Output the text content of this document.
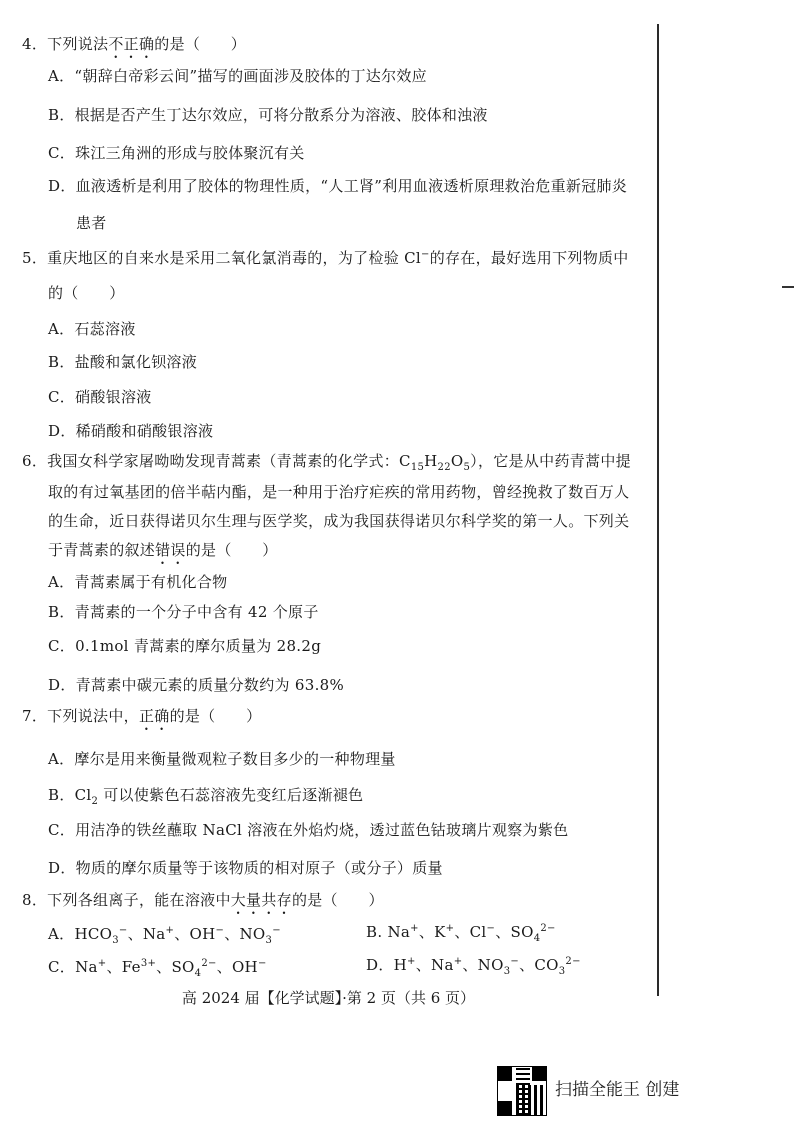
4．下列说法不正确的是（　　）
A．“朝辞白帝彩云间”描写的画面涉及胶体的丁达尔效应
B．根据是否产生丁达尔效应，可将分散系分为溶液、胶体和浊液
C．珠江三角洲的形成与胶体聚沉有关
D．血液透析是利用了胶体的物理性质，“人工肾”利用血液透析原理救治危重新冠肺炎
患者
5．重庆地区的自来水是采用二氧化氯消毒的，为了检验 Cl−的存在，最好选用下列物质中
的（　　）
A．石蕊溶液
B．盐酸和氯化钡溶液
C．硝酸银溶液
D．稀硝酸和硝酸银溶液
6．我国女科学家屠呦呦发现青蒿素（青蒿素的化学式：$C_{15}H_{22}O_5$），它是从中药青蒿中提
取的有过氧基团的倍半萜内酯，是一种用于治疗疟疾的常用药物，曾经挽救了数百万人
的生命，近日获得诺贝尔生理与医学奖，成为我国获得诺贝尔科学奖的第一人。下列关
于青蒿素的叙述错误的是（　　）
A．青蒿素属于有机化合物
B．青蒿素的一个分子中含有 42 个原子
C．0.1mol 青蒿素的摩尔质量为 28.2g
D．青蒿素中碳元素的质量分数约为 63.8%
7．下列说法中，正确的是（　　）
A．摩尔是用来衡量微观粒子数目多少的一种物理量
B．$Cl_2$ 可以使紫色石蕊溶液先变红后逐渐褪色
C．用洁净的铁丝蘸取 NaCl 溶液在外焰灼烧，透过蓝色钴玻璃片观察为紫色
D．物质的摩尔质量等于该物质的相对原子（或分子）质量
8．下列各组离子，能在溶液中大量共存的是（　　）
A．$HCO_3^-$、Na+、OH−、$NO_3^-$	B. Na+、K+、Cl−、$SO_4^{2-}$
C．Na+、$Fe^{3+}$、$SO_4^{2-}$、OH−	D．H+、Na+、$NO_3^-$、$CO_3^{2-}$
高 2024 届【化学试题】·第 2 页（共 6 页）
扫描全能王 创建
